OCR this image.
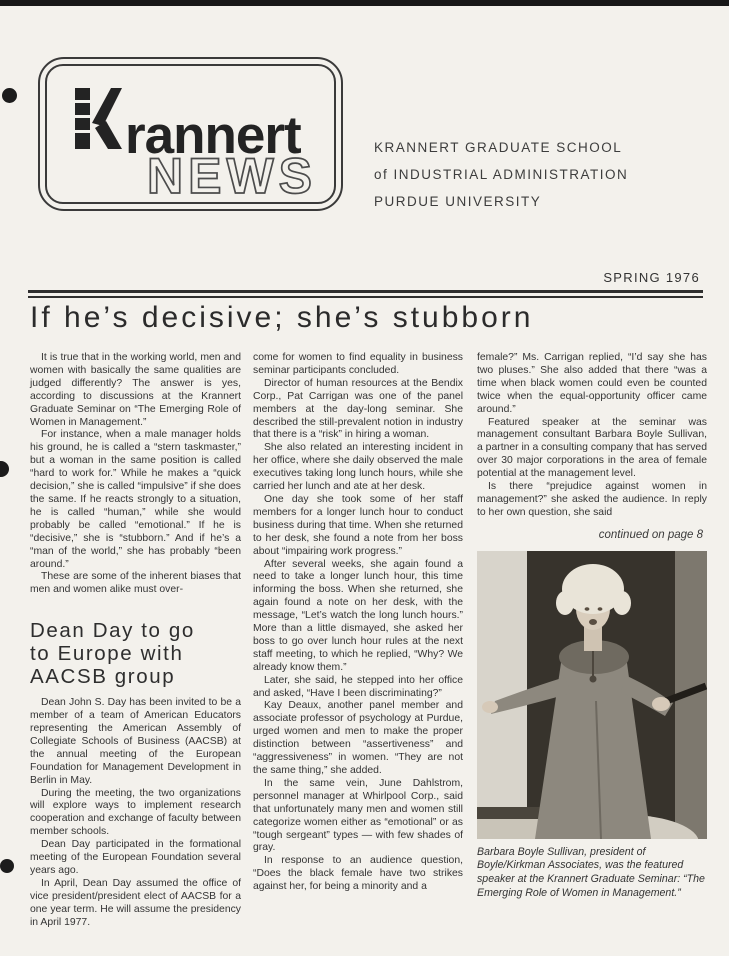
rannert
NEWS
KRANNERT GRADUATE SCHOOL
of INDUSTRIAL ADMINISTRATION
PURDUE UNIVERSITY
SPRING 1976
If he’s decisive; she’s stubborn

It is true that in the working world, men and women with basically the same qualities are judged differently? The answer is yes, according to discussions at the Krannert Graduate Seminar on “The Emerging Role of Women in Management.”

For instance, when a male manager holds his ground, he is called a “stern taskmaster,” but a woman in the same position is called “hard to work for.” While he makes a “quick decision,” she is called “impulsive” if she does the same. If he reacts strongly to a situation, he is called “human,” while she would probably be called “emotional.” If he is “decisive,” she is “stubborn.” And if he’s a “man of the world,” she has probably “been around.”

These are some of the inherent biases that men and women alike must over-

Dean Day to go
to Europe with
AACSB group

Dean John S. Day has been invited to be a member of a team of American Educators representing the American Assembly of Collegiate Schools of Business (AACSB) at the annual meeting of the European Foundation for Management Development in Berlin in May.

During the meeting, the two organizations will explore ways to implement research cooperation and exchange of faculty between member schools.

Dean Day participated in the formational meeting of the European Foundation several years ago.

In April, Dean Day assumed the office of vice president/president elect of AACSB for a one year term. He will assume the presidency in April 1977.

come for women to find equality in business seminar participants concluded.

Director of human resources at the Bendix Corp., Pat Carrigan was one of the panel members at the day-long seminar. She described the still-prevalent notion in industry that there is a “risk” in hiring a woman.

She also related an interesting incident in her office, where she daily observed the male executives taking long lunch hours, while she carried her lunch and ate at her desk.

One day she took some of her staff members for a longer lunch hour to conduct business during that time. When she returned to her desk, she found a note from her boss about “impairing work progress.”

After several weeks, she again found a need to take a longer lunch hour, this time informing the boss. When she returned, she again found a note on her desk, with the message, “Let’s watch the long lunch hours.” More than a little dismayed, she asked her boss to go over lunch hour rules at the next staff meeting, to which he replied, “Why? We already know them.”

Later, she said, he stepped into her office and asked, “Have I been discriminating?”

Kay Deaux, another panel member and associate professor of psychology at Purdue, urged women and men to make the proper distinction between “assertiveness” and “aggressiveness” in women. “They are not the same thing,” she added.

In the same vein, June Dahlstrom, personnel manager at Whirlpool Corp., said that unfortunately many men and women still categorize women either as “emotional” or as “tough sergeant” types — with few shades of gray.

In response to an audience question, “Does the black female have two strikes against her, for being a minority and a

female?” Ms. Carrigan replied, “I’d say she has two pluses.” She also added that there “was a time when black women could even be counted twice when the equal-opportunity officer came around.”

Featured speaker at the seminar was management consultant Barbara Boyle Sullivan, a partner in a consulting company that has served over 30 major corporations in the area of female potential at the management level.

Is there “prejudice against women in management?” she asked the audience. In reply to her own question, she said

continued on page 8

Barbara Boyle Sullivan, president of Boyle/Kirkman Associates, was the featured speaker at the Krannert Graduate Seminar: “The Emerging Role of Women in Management.”
